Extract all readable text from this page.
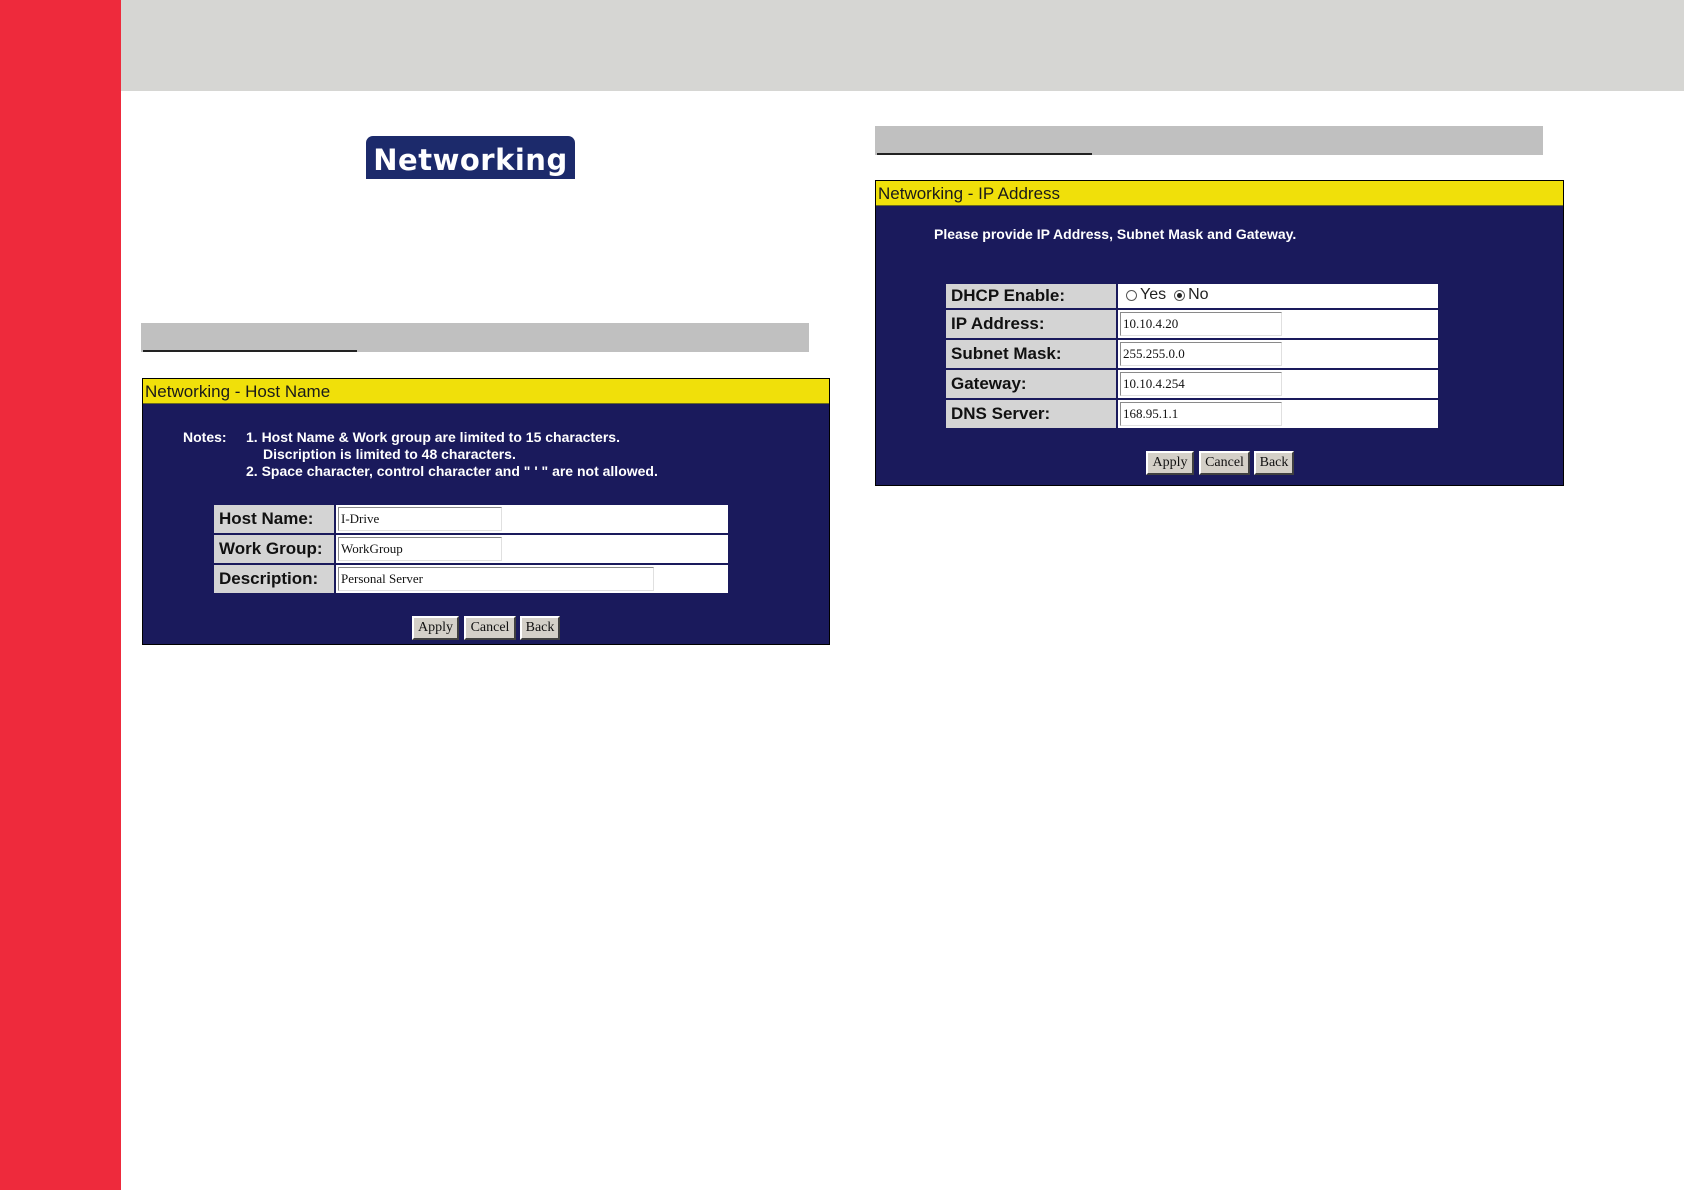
Networking
Networking - Host Name
Notes: 1. Host Name & Work group are limited to 15 characters.
Discription is limited to 48 characters.
2. Space character, control character and " ' " are not allowed.
Host Name:	I-Drive
Work Group:	WorkGroup
Description:	Personal Server
Apply	Cancel	Back
Networking - IP Address
Please provide IP Address, Subnet Mask and Gateway.
DHCP Enable:	Yes No
IP Address:	10.10.4.20
Subnet Mask:	255.255.0.0
Gateway:	10.10.4.254
DNS Server:	168.95.1.1
Apply	Cancel	Back
